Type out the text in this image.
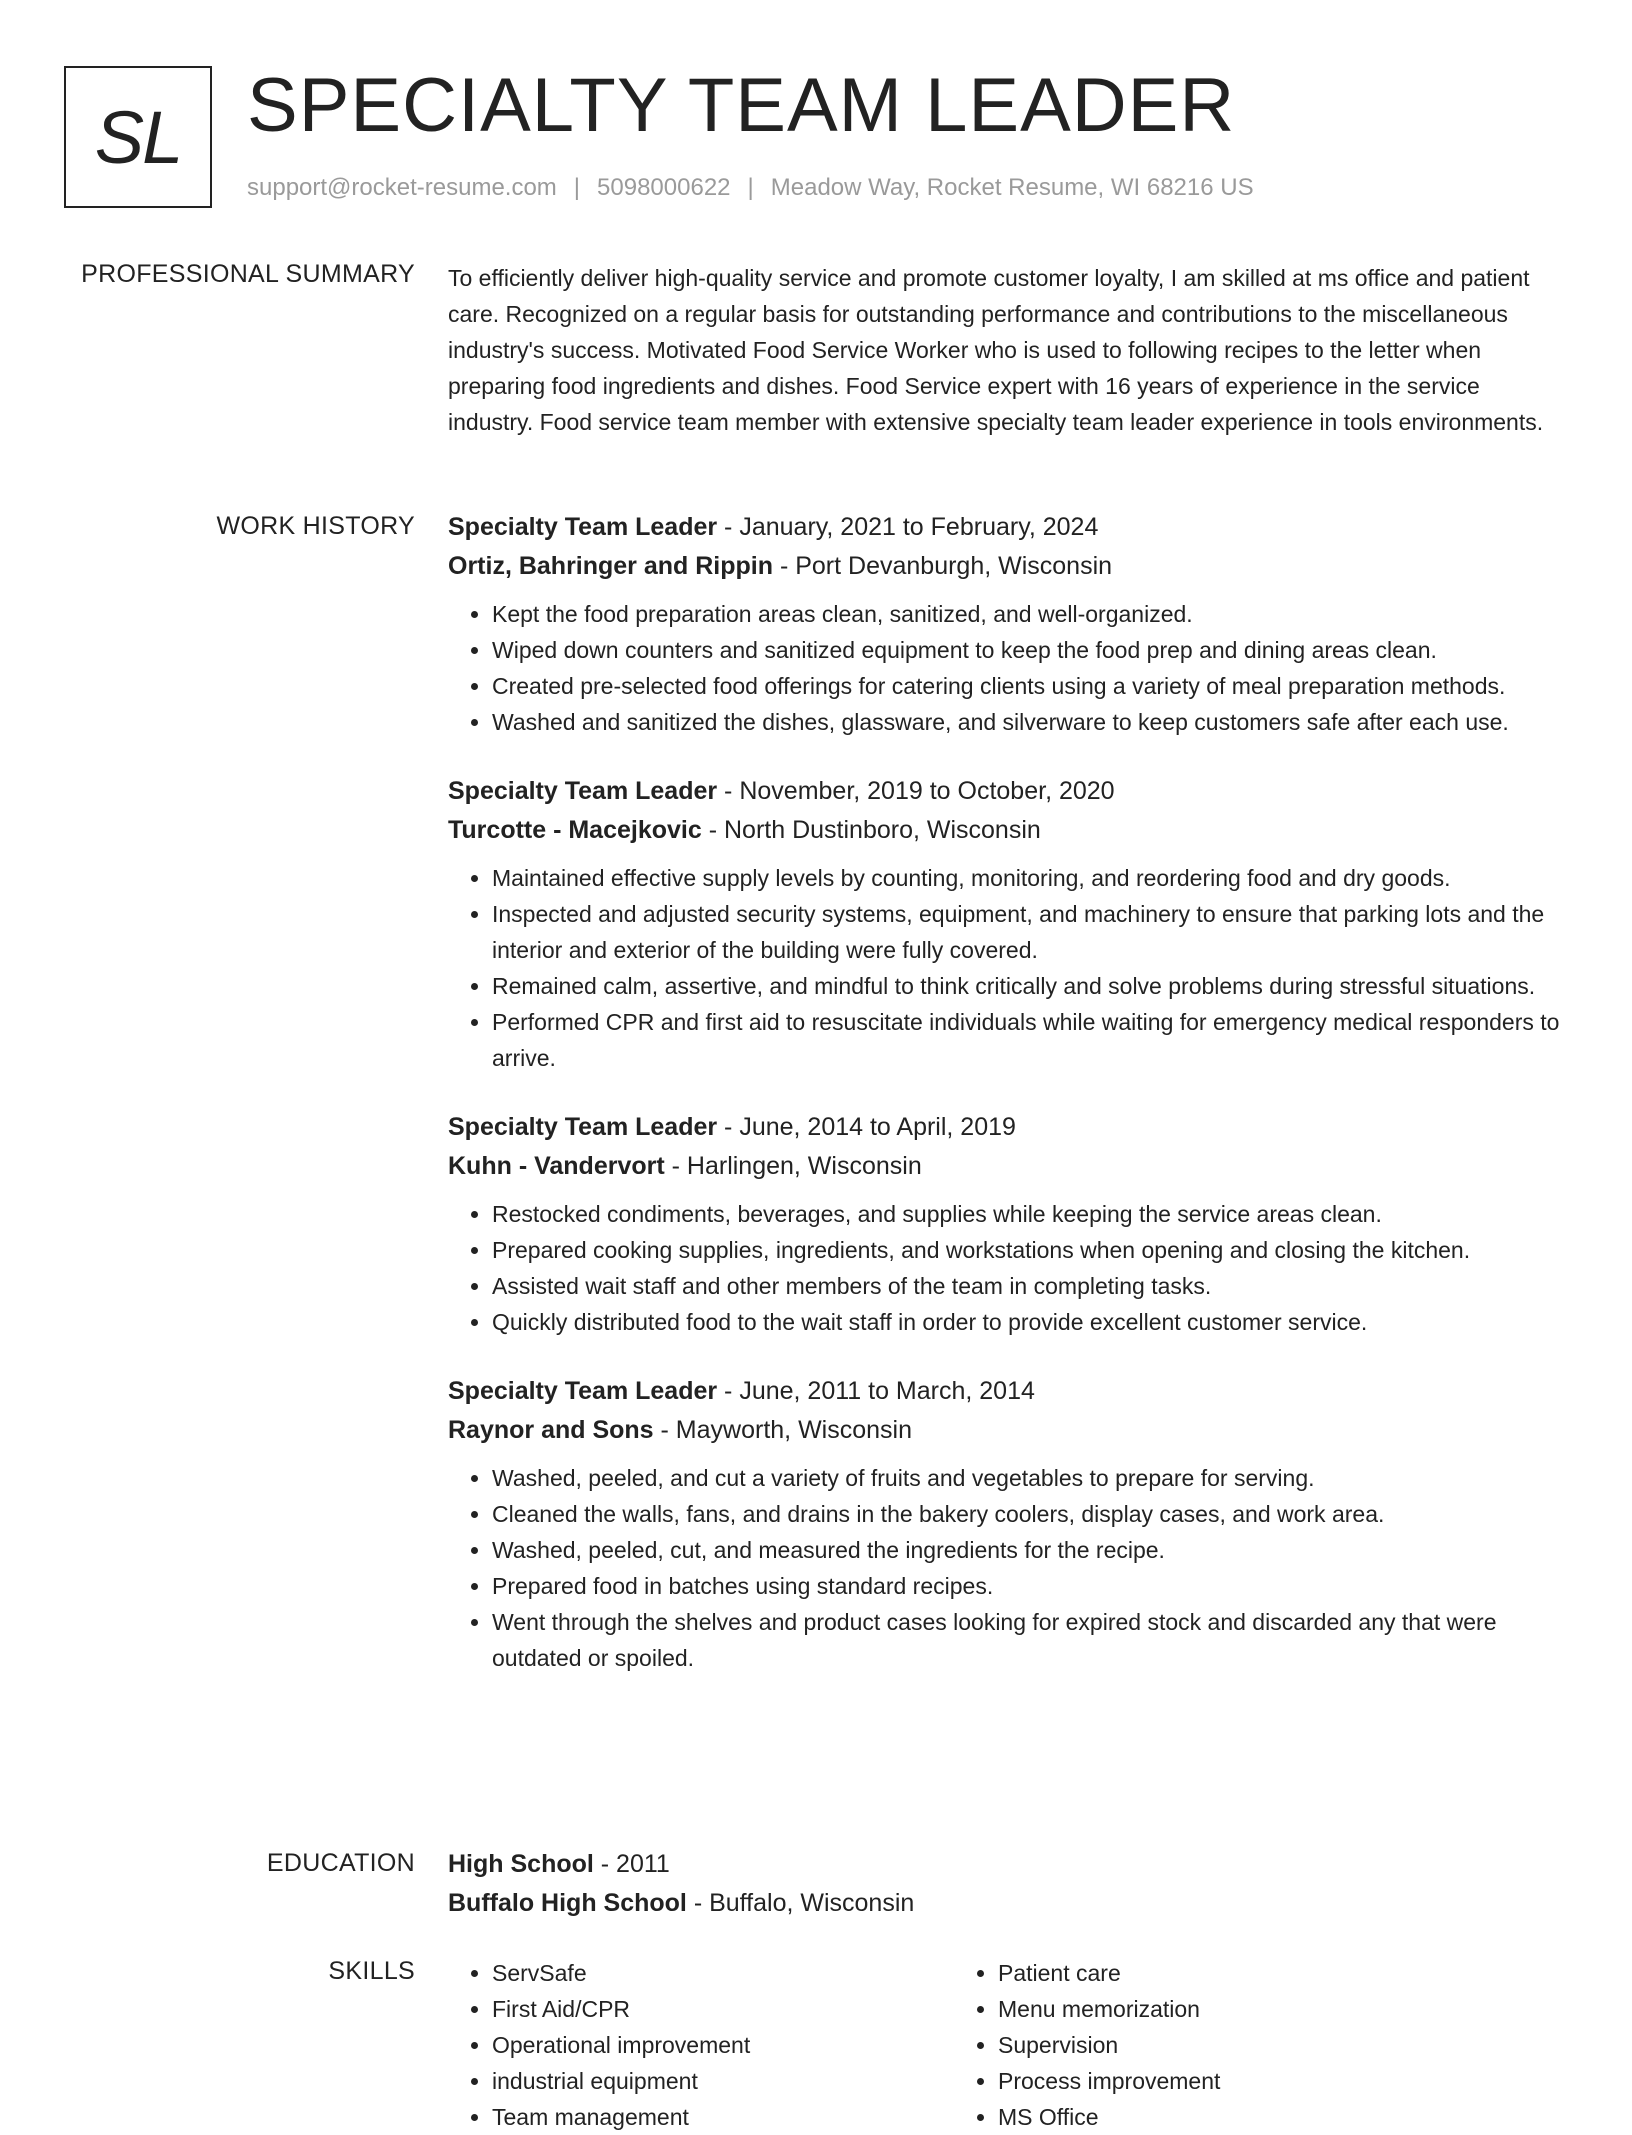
SL SPECIALTY TEAM LEADER
support@rocket-resume.com | 5098000622 | Meadow Way, Rocket Resume, WI 68216 US
PROFESSIONAL SUMMARY To efficiently deliver high-quality service and promote customer loyalty, I am skilled at ms office and patient care. Recognized on a regular basis for outstanding performance and contributions to the miscellaneous industry's success. Motivated Food Service Worker who is used to following recipes to the letter when preparing food ingredients and dishes. Food Service expert with 16 years of experience in the service industry. Food service team member with extensive specialty team leader experience in tools environments.

WORK HISTORY Specialty Team Leader - January, 2021 to February, 2024
Ortiz, Bahringer and Rippin - Port Devanburgh, Wisconsin
• Kept the food preparation areas clean, sanitized, and well-organized.
• Wiped down counters and sanitized equipment to keep the food prep and dining areas clean.
• Created pre-selected food offerings for catering clients using a variety of meal preparation methods.
• Washed and sanitized the dishes, glassware, and silverware to keep customers safe after each use.
Specialty Team Leader - November, 2019 to October, 2020
Turcotte - Macejkovic - North Dustinboro, Wisconsin
• Maintained effective supply levels by counting, monitoring, and reordering food and dry goods.
• Inspected and adjusted security systems, equipment, and machinery to ensure that parking lots and the interior and exterior of the building were fully covered.
• Remained calm, assertive, and mindful to think critically and solve problems during stressful situations.
• Performed CPR and first aid to resuscitate individuals while waiting for emergency medical responders to arrive.
Specialty Team Leader - June, 2014 to April, 2019
Kuhn - Vandervort - Harlingen, Wisconsin
• Restocked condiments, beverages, and supplies while keeping the service areas clean.
• Prepared cooking supplies, ingredients, and workstations when opening and closing the kitchen.
• Assisted wait staff and other members of the team in completing tasks.
• Quickly distributed food to the wait staff in order to provide excellent customer service.
Specialty Team Leader - June, 2011 to March, 2014
Raynor and Sons - Mayworth, Wisconsin
• Washed, peeled, and cut a variety of fruits and vegetables to prepare for serving.
• Cleaned the walls, fans, and drains in the bakery coolers, display cases, and work area.
• Washed, peeled, cut, and measured the ingredients for the recipe.
• Prepared food in batches using standard recipes.
• Went through the shelves and product cases looking for expired stock and discarded any that were outdated or spoiled.
EDUCATION High School - 2011
Buffalo High School - Buffalo, Wisconsin
SKILLS
•	ServSafe
• First Aid/CPR
• Operational improvement
• industrial equipment
• Team management
• Patient care
• Menu memorization
• Supervision
• Process improvement
• MS Office
